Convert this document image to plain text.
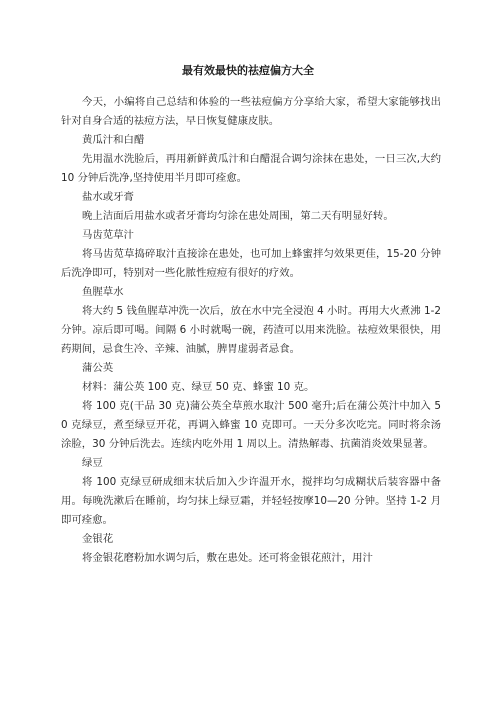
最有效最快的祛痘偏方大全

今天，小编将自己总结和体验的一些祛痘偏方分享给大家，希望大家能够找出针对自身合适的祛痘方法，早日恢复健康皮肤。

黄瓜汁和白醋

先用温水洗脸后，再用新鲜黄瓜汁和白醋混合调匀涂抹在患处，一日三次,大约 10 分钟后洗净,坚持使用半月即可痊愈。

盐水或牙膏

晚上洁面后用盐水或者牙膏均匀涂在患处周围，第二天有明显好转。

马齿苋草汁

将马齿苋草捣碎取汁直接涂在患处，也可加上蜂蜜拌匀效果更佳，15-20 分钟后洗净即可，特别对一些化脓性痘痘有很好的疗效。

鱼腥草水

将大约 5 钱鱼腥草冲洗一次后，放在水中完全浸泡 4 小时。再用大火煮沸 1-2 分钟。凉后即可喝。间隔 6 小时就喝一碗，药渣可以用来洗脸。祛痘效果很快，用药期间，忌食生冷、辛辣、油腻，脾胃虚弱者忌食。

蒲公英

材料：蒲公英 100 克、绿豆 50 克、蜂蜜 10 克。

将 100 克(干品 30 克)蒲公英全草煎水取汁 500 毫升;后在蒲公英汁中加入 50 克绿豆，煮至绿豆开花，再调入蜂蜜 10 克即可。一天分多次吃完。同时将余汤涂脸，30 分钟后洗去。连续内吃外用 1 周以上。清热解毒、抗菌消炎效果显著。

绿豆

将 100 克绿豆研成细末状后加入少许温开水，搅拌均匀成糊状后装容器中备用。每晚洗漱后在睡前，均匀抹上绿豆霜，并轻轻按摩10—20 分钟。坚持 1-2 月即可痊愈。

金银花

将金银花磨粉加水调匀后，敷在患处。还可将金银花煎汁，用汁
